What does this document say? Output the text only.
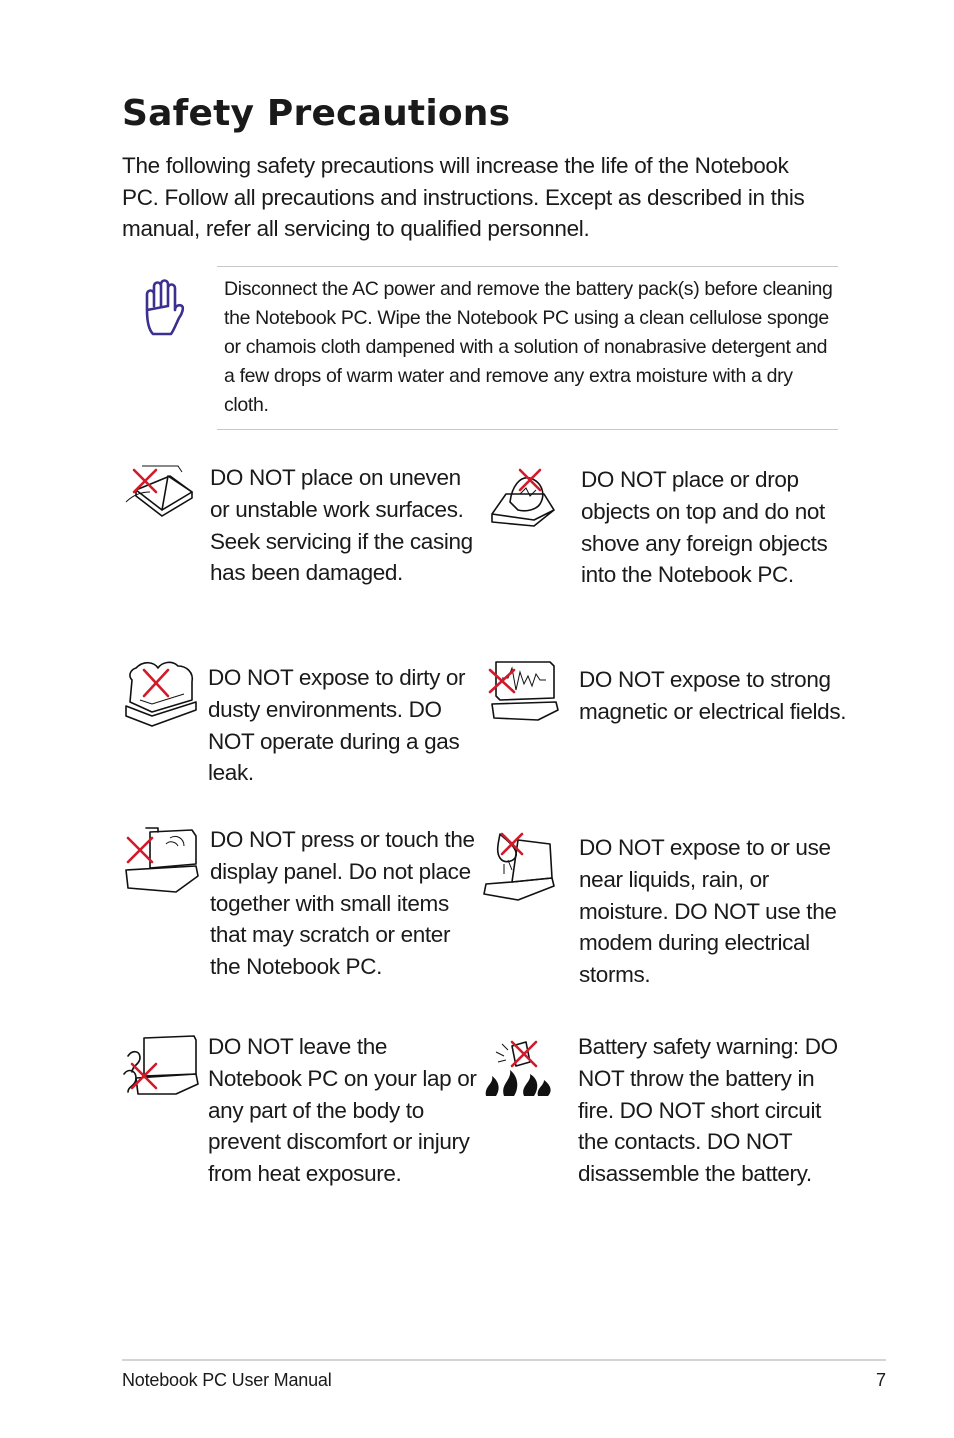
Safety Precautions

The following safety precautions will increase the life of the Notebook PC. Follow all precautions and instructions. Except as described in this manual, refer all servicing to qualified personnel.

Disconnect the AC power and remove the battery pack(s) before cleaning the Notebook PC. Wipe the Notebook PC using a clean cellulose sponge or chamois cloth dampened with a solution of nonabrasive detergent and a few drops of warm water and remove any extra moisture with a dry cloth.
DO NOT place on uneven or unstable work surfaces. Seek servicing if the casing has been damaged.
DO NOT place or drop objects on top and do not shove any foreign objects into the Notebook PC.
DO NOT expose to dirty or dusty environments. DO NOT operate during a gas leak.
DO NOT expose to strong magnetic or electrical fields.
DO NOT press or touch the display panel. Do not place together with small items that may scratch or enter the Notebook PC.
DO NOT expose to or use near liquids, rain, or moisture. DO NOT use the modem during electrical storms.
DO NOT leave the Notebook PC on your lap or any part of the body to prevent discomfort or injury from heat exposure.
Battery safety warning: DO NOT throw the battery in fire. DO NOT short circuit the contacts. DO NOT disassemble the battery.
Notebook PC User Manual	7
